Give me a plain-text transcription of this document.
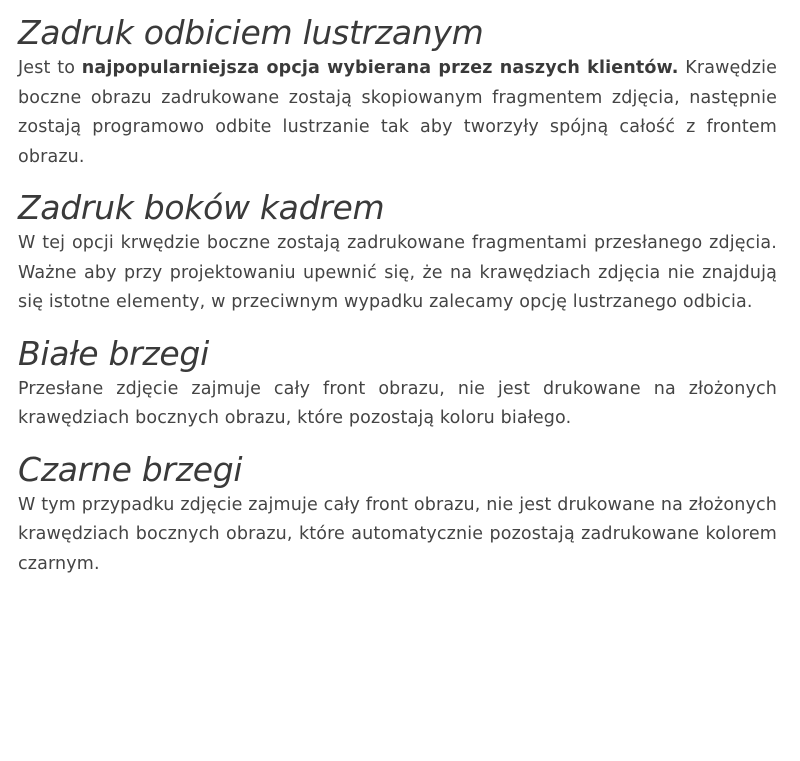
Zadruk odbiciem lustrzanym

Jest to najpopularniejsza opcja wybierana przez naszych klientów. Krawędzie boczne obrazu zadrukowane zostają skopiowanym fragmentem zdjęcia, następnie zostają programowo odbite lustrzanie tak aby tworzyły spójną całość z frontem obrazu.

Zadruk boków kadrem

W tej opcji krwędzie boczne zostają zadrukowane fragmentami przesłanego zdjęcia. Ważne aby przy projektowaniu upewnić się, że na krawędziach zdjęcia nie znajdują się istotne elementy, w przeciwnym wypadku zalecamy opcję lustrzanego odbicia.

Białe brzegi

Przesłane zdjęcie zajmuje cały front obrazu, nie jest drukowane na złożonych krawędziach bocznych obrazu, które pozostają koloru białego.

Czarne brzegi

W tym przypadku zdjęcie zajmuje cały front obrazu, nie jest drukowane na złożonych krawędziach bocznych obrazu, które automatycznie pozostają zadrukowane kolorem czarnym.
